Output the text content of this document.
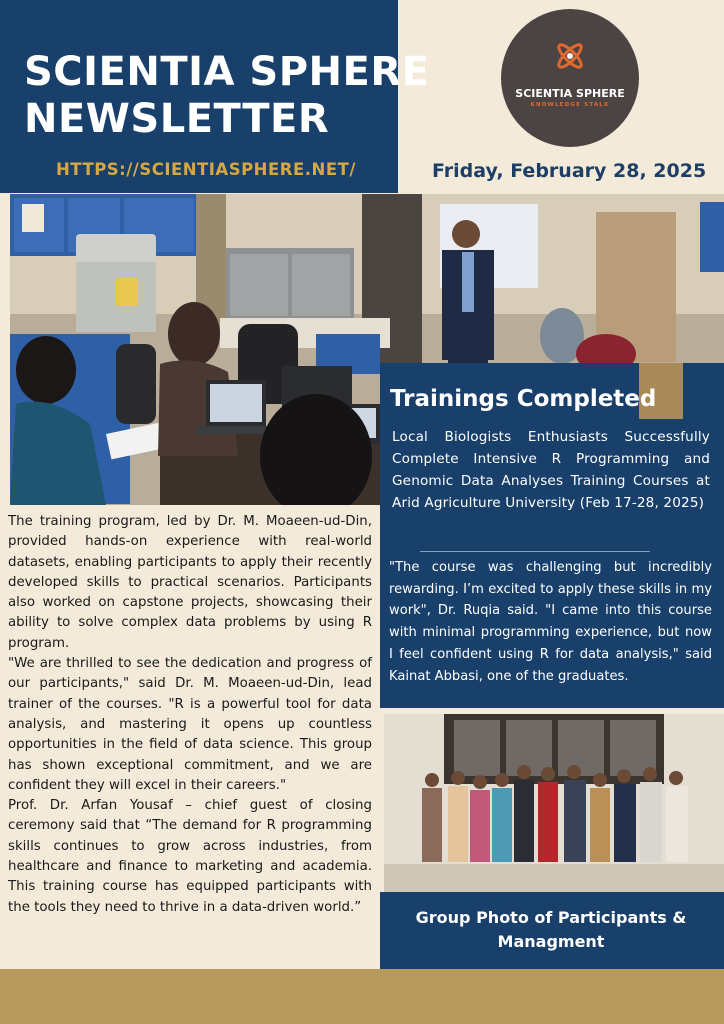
SCIENTIA SPHERE
NEWSLETTER
HTTPS://SCIENTIASPHERE.NET/	Friday, February 28, 2025
SCIENTIA SPHERE
KNOWLEDGE STALK
Trainings Completed
Local Biologists Enthusiasts Successfully Complete Intensive R Programming and Genomic Data Analyses Training Courses at Arid Agriculture University (Feb 17-28, 2025)
"The course was challenging but incredibly rewarding. I’m excited to apply these skills in my work", Dr. Ruqia said. "I came into this course with minimal programming experience, but now I feel confident using R for data analysis," said Kainat Abbasi, one of the graduates.

The training program, led by Dr. M. Moaeen-ud-Din, provided hands-on experience with real-world datasets, enabling participants to apply their recently developed skills to practical scenarios. Participants also worked on capstone projects, showcasing their ability to solve complex data problems by using R program.

"We are thrilled to see the dedication and progress of our participants," said Dr. M. Moaeen-ud-Din, lead trainer of the courses. "R is a powerful tool for data analysis, and mastering it opens up countless opportunities in the field of data science. This group has shown exceptional commitment, and we are confident they will excel in their careers."

Prof. Dr. Arfan Yousaf – chief guest of closing ceremony said that “The demand for R programming skills continues to grow across industries, from healthcare and finance to marketing and academia. This training course has equipped participants with the tools they need to thrive in a data-driven world.”

Group Photo of Participants & Managment
